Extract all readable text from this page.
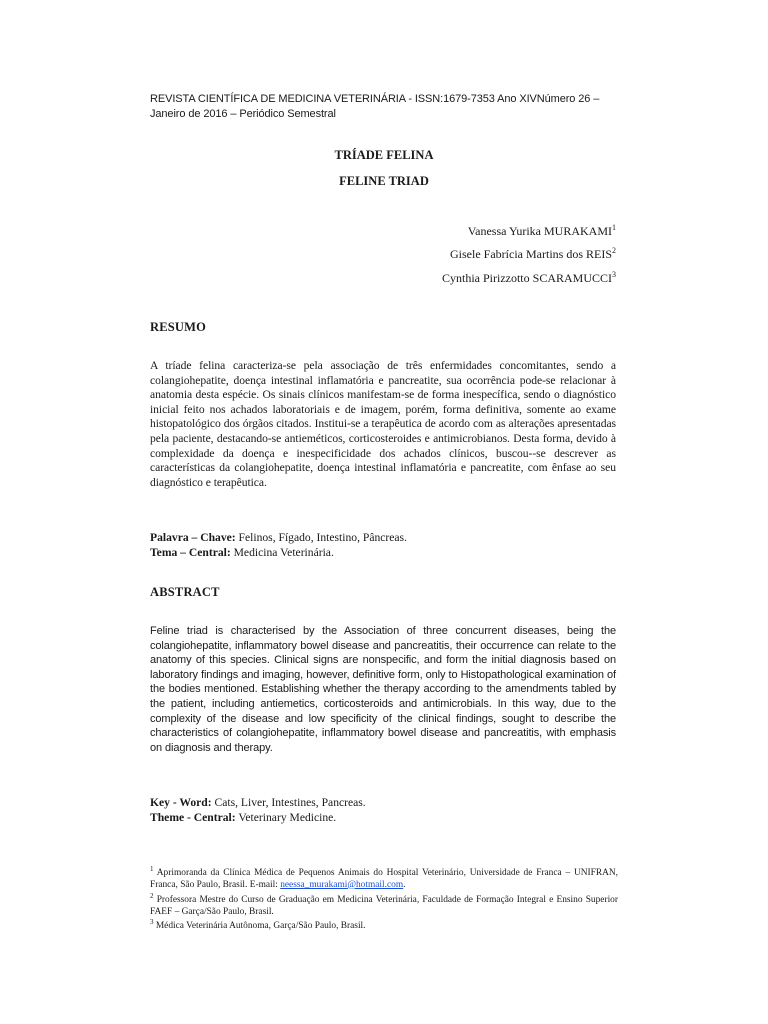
REVISTA CIENTÍFICA DE MEDICINA VETERINÁRIA - ISSN:1679-7353 Ano XIVNúmero 26 – Janeiro de 2016 – Periódico Semestral
TRÍADE FELINA
FELINE TRIAD
Vanessa Yurika MURAKAMI$^1$
Gisele Fabrícia Martins dos REIS$^2$
Cynthia Pirizzotto SCARAMUCCI$^3$
RESUMO
A tríade felina caracteriza-se pela associação de três enfermidades concomitantes, sendo a colangiohepatite, doença intestinal inflamatória e pancreatite, sua ocorrência pode-se relacionar à anatomia desta espécie. Os sinais clínicos manifestam-se de forma inespecífica, sendo o diagnóstico inicial feito nos achados laboratoriais e de imagem, porém, forma definitiva, somente ao exame histopatológico dos órgãos citados. Institui-se a terapêutica de acordo com as alterações apresentadas pela paciente, destacando-se antieméticos, corticosteroides e antimicrobianos. Desta forma, devido à complexidade da doença e inespecificidade dos achados clínicos, buscou--se descrever as características da colangiohepatite, doença intestinal inflamatória e pancreatite, com ênfase ao seu diagnóstico e terapêutica.
Palavra – Chave: Felinos, Fígado, Intestino, Pâncreas.
Tema – Central: Medicina Veterinária.
ABSTRACT
Feline triad is characterised by the Association of three concurrent diseases, being the colangiohepatite, inflammatory bowel disease and pancreatitis, their occurrence can relate to the anatomy of this species. Clinical signs are nonspecific, and form the initial diagnosis based on laboratory findings and imaging, however, definitive form, only to Histopathological examination of the bodies mentioned. Establishing whether the therapy according to the amendments tabled by the patient, including antiemetics, corticosteroids and antimicrobials. In this way, due to the complexity of the disease and low specificity of the clinical findings, sought to describe the characteristics of colangiohepatite, inflammatory bowel disease and pancreatitis, with emphasis on diagnosis and therapy.
Key - Word: Cats, Liver, Intestines, Pancreas.
Theme - Central: Veterinary Medicine.
$^1$ Aprimoranda da Clínica Médica de Pequenos Animais do Hospital Veterinário, Universidade de Franca – UNIFRAN, Franca, São Paulo, Brasil. E-mail: neessa_murakami@hotmail.com.
$^2$ Professora Mestre do Curso de Graduação em Medicina Veterinária, Faculdade de Formação Integral e Ensino Superior FAEF – Garça/São Paulo, Brasil.
$^3$ Médica Veterinária Autônoma, Garça/São Paulo, Brasil.
